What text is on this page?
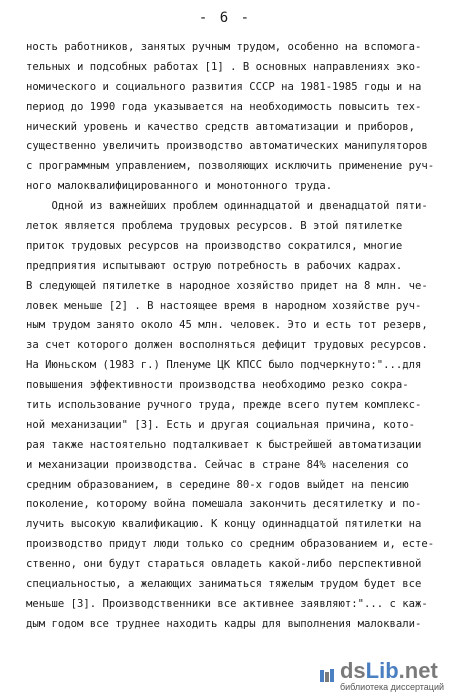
- 6 -
ность работников, занятых ручным трудом, особенно на вспомога-
тельных и подсобных работах [1] . В основных направлениях эко-
номического и социального развития СССР на 1981-1985 годы и на
период до 1990 года указывается на необходимость повысить тех-
нический уровень и качество средств автоматизации и приборов,
существенно увеличить производство автоматических манипуляторов
с программным управлением, позволяющих исключить применение руч-
ного малоквалифицированного и монотонного труда.
Одной из важнейших проблем одиннадцатой и двенадцатой пяти-
леток является проблема трудовых ресурсов. В этой пятилетке
приток трудовых ресурсов на производство сократился, многие
предприятия испытывают острую потребность в рабочих кадрах.
В следующей пятилетке в народное хозяйство придет на 8 млн. че-
ловек меньше [2] . В настоящее время в народном хозяйстве руч-
ным трудом занято около 45 млн. человек. Это и есть тот резерв,
за счет которого должен восполняться дефицит трудовых ресурсов.
На Июньском (1983 г.) Пленуме ЦК КПСС было подчеркнуто:"...для
повышения эффективности производства необходимо резко сокра-
тить использование ручного труда, прежде всего путем комплекс-
ной механизации" [3]. Есть и другая социальная причина, кото-
рая также настоятельно подталкивает к быстрейшей автоматизации
и механизации производства. Сейчас в стране 84% населения со
средним образованием, в середине 80-х годов выйдет на пенсию
поколение, которому война помешала закончить десятилетку и по-
лучить высокую квалификацию. К концу одиннадцатой пятилетки на
производство придут люди только со средним образованием и, есте-
ственно, они будут стараться овладеть какой-либо перспективной
специальностью, а желающих заниматься тяжелым трудом будет все
меньше [3]. Производственники все активнее заявляют:"... с каж-
дым годом все труднее находить кадры для выполнения малоквали-
dsLib.net
библиотека диссертаций
